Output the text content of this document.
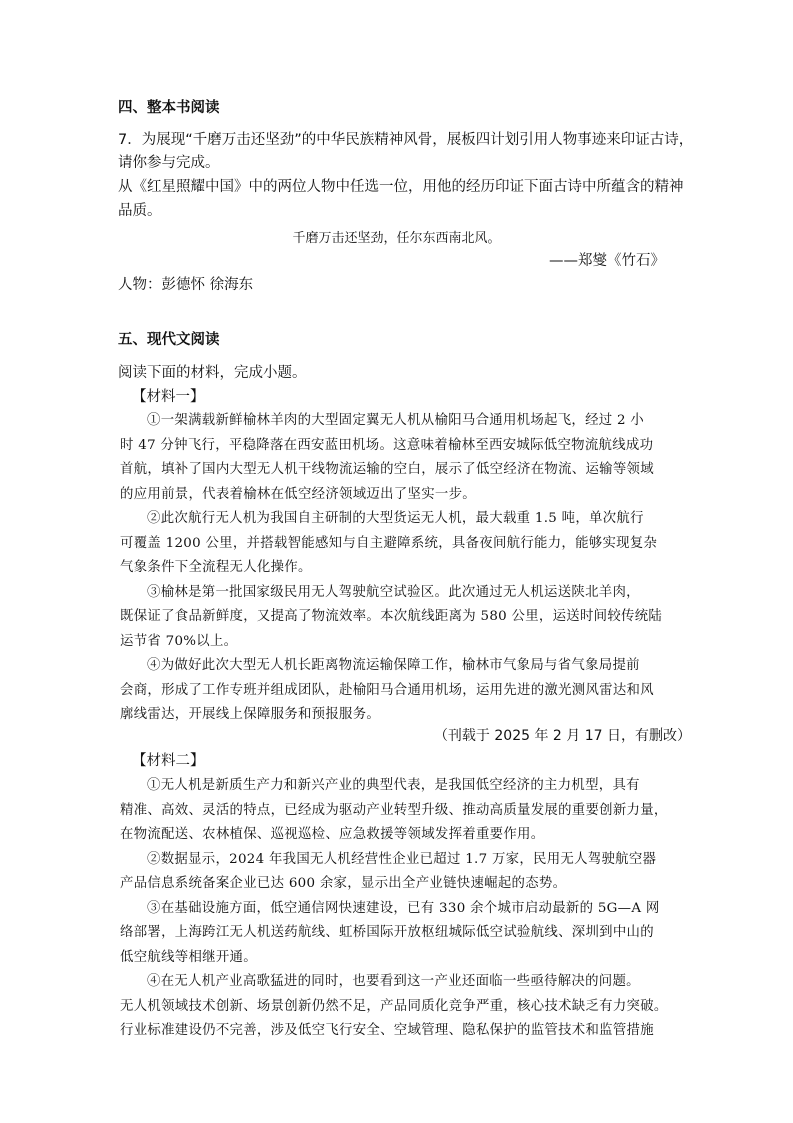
四、整本书阅读
7．为展现“千磨万击还坚劲”的中华民族精神风骨，展板四计划引用人物事迹来印证古诗，
请你参与完成。
从《红星照耀中国》中的两位人物中任选一位，用他的经历印证下面古诗中所蕴含的精神
品质。
千磨万击还坚劲，任尔东西南北风。
——郑燮《竹石》
人物：彭德怀 徐海东
五、现代文阅读
阅读下面的材料，完成小题。
【材料一】
①一架满载新鲜榆林羊肉的大型固定翼无人机从榆阳马合通用机场起飞，经过 2 小
时 47 分钟飞行，平稳降落在西安蓝田机场。这意味着榆林至西安城际低空物流航线成功
首航，填补了国内大型无人机干线物流运输的空白，展示了低空经济在物流、运输等领域
的应用前景，代表着榆林在低空经济领域迈出了坚实一步。
②此次航行无人机为我国自主研制的大型货运无人机，最大载重 1.5 吨，单次航行
可覆盖 1200 公里，并搭载智能感知与自主避障系统，具备夜间航行能力，能够实现复杂
气象条件下全流程无人化操作。
③榆林是第一批国家级民用无人驾驶航空试验区。此次通过无人机运送陕北羊肉，
既保证了食品新鲜度，又提高了物流效率。本次航线距离为 580 公里，运送时间较传统陆
运节省 70%以上。
④为做好此次大型无人机长距离物流运输保障工作，榆林市气象局与省气象局提前
会商，形成了工作专班并组成团队，赴榆阳马合通用机场，运用先进的激光测风雷达和风
廓线雷达，开展线上保障服务和预报服务。
（刊载于 2025 年 2 月 17 日，有删改）
【材料二】
①无人机是新质生产力和新兴产业的典型代表，是我国低空经济的主力机型，具有
精准、高效、灵活的特点，已经成为驱动产业转型升级、推动高质量发展的重要创新力量，
在物流配送、农林植保、巡视巡检、应急救援等领域发挥着重要作用。
②数据显示，2024 年我国无人机经营性企业已超过 1.7 万家，民用无人驾驶航空器
产品信息系统备案企业已达 600 余家，显示出全产业链快速崛起的态势。
③在基础设施方面，低空通信网快速建设，已有 330 余个城市启动最新的 5G—A 网
络部署，上海跨江无人机送药航线、虹桥国际开放枢纽城际低空试验航线、深圳到中山的
低空航线等相继开通。
④在无人机产业高歌猛进的同时，也要看到这一产业还面临一些亟待解决的问题。
无人机领域技术创新、场景创新仍然不足，产品同质化竞争严重，核心技术缺乏有力突破。
行业标准建设仍不完善，涉及低空飞行安全、空域管理、隐私保护的监管技术和监管措施
